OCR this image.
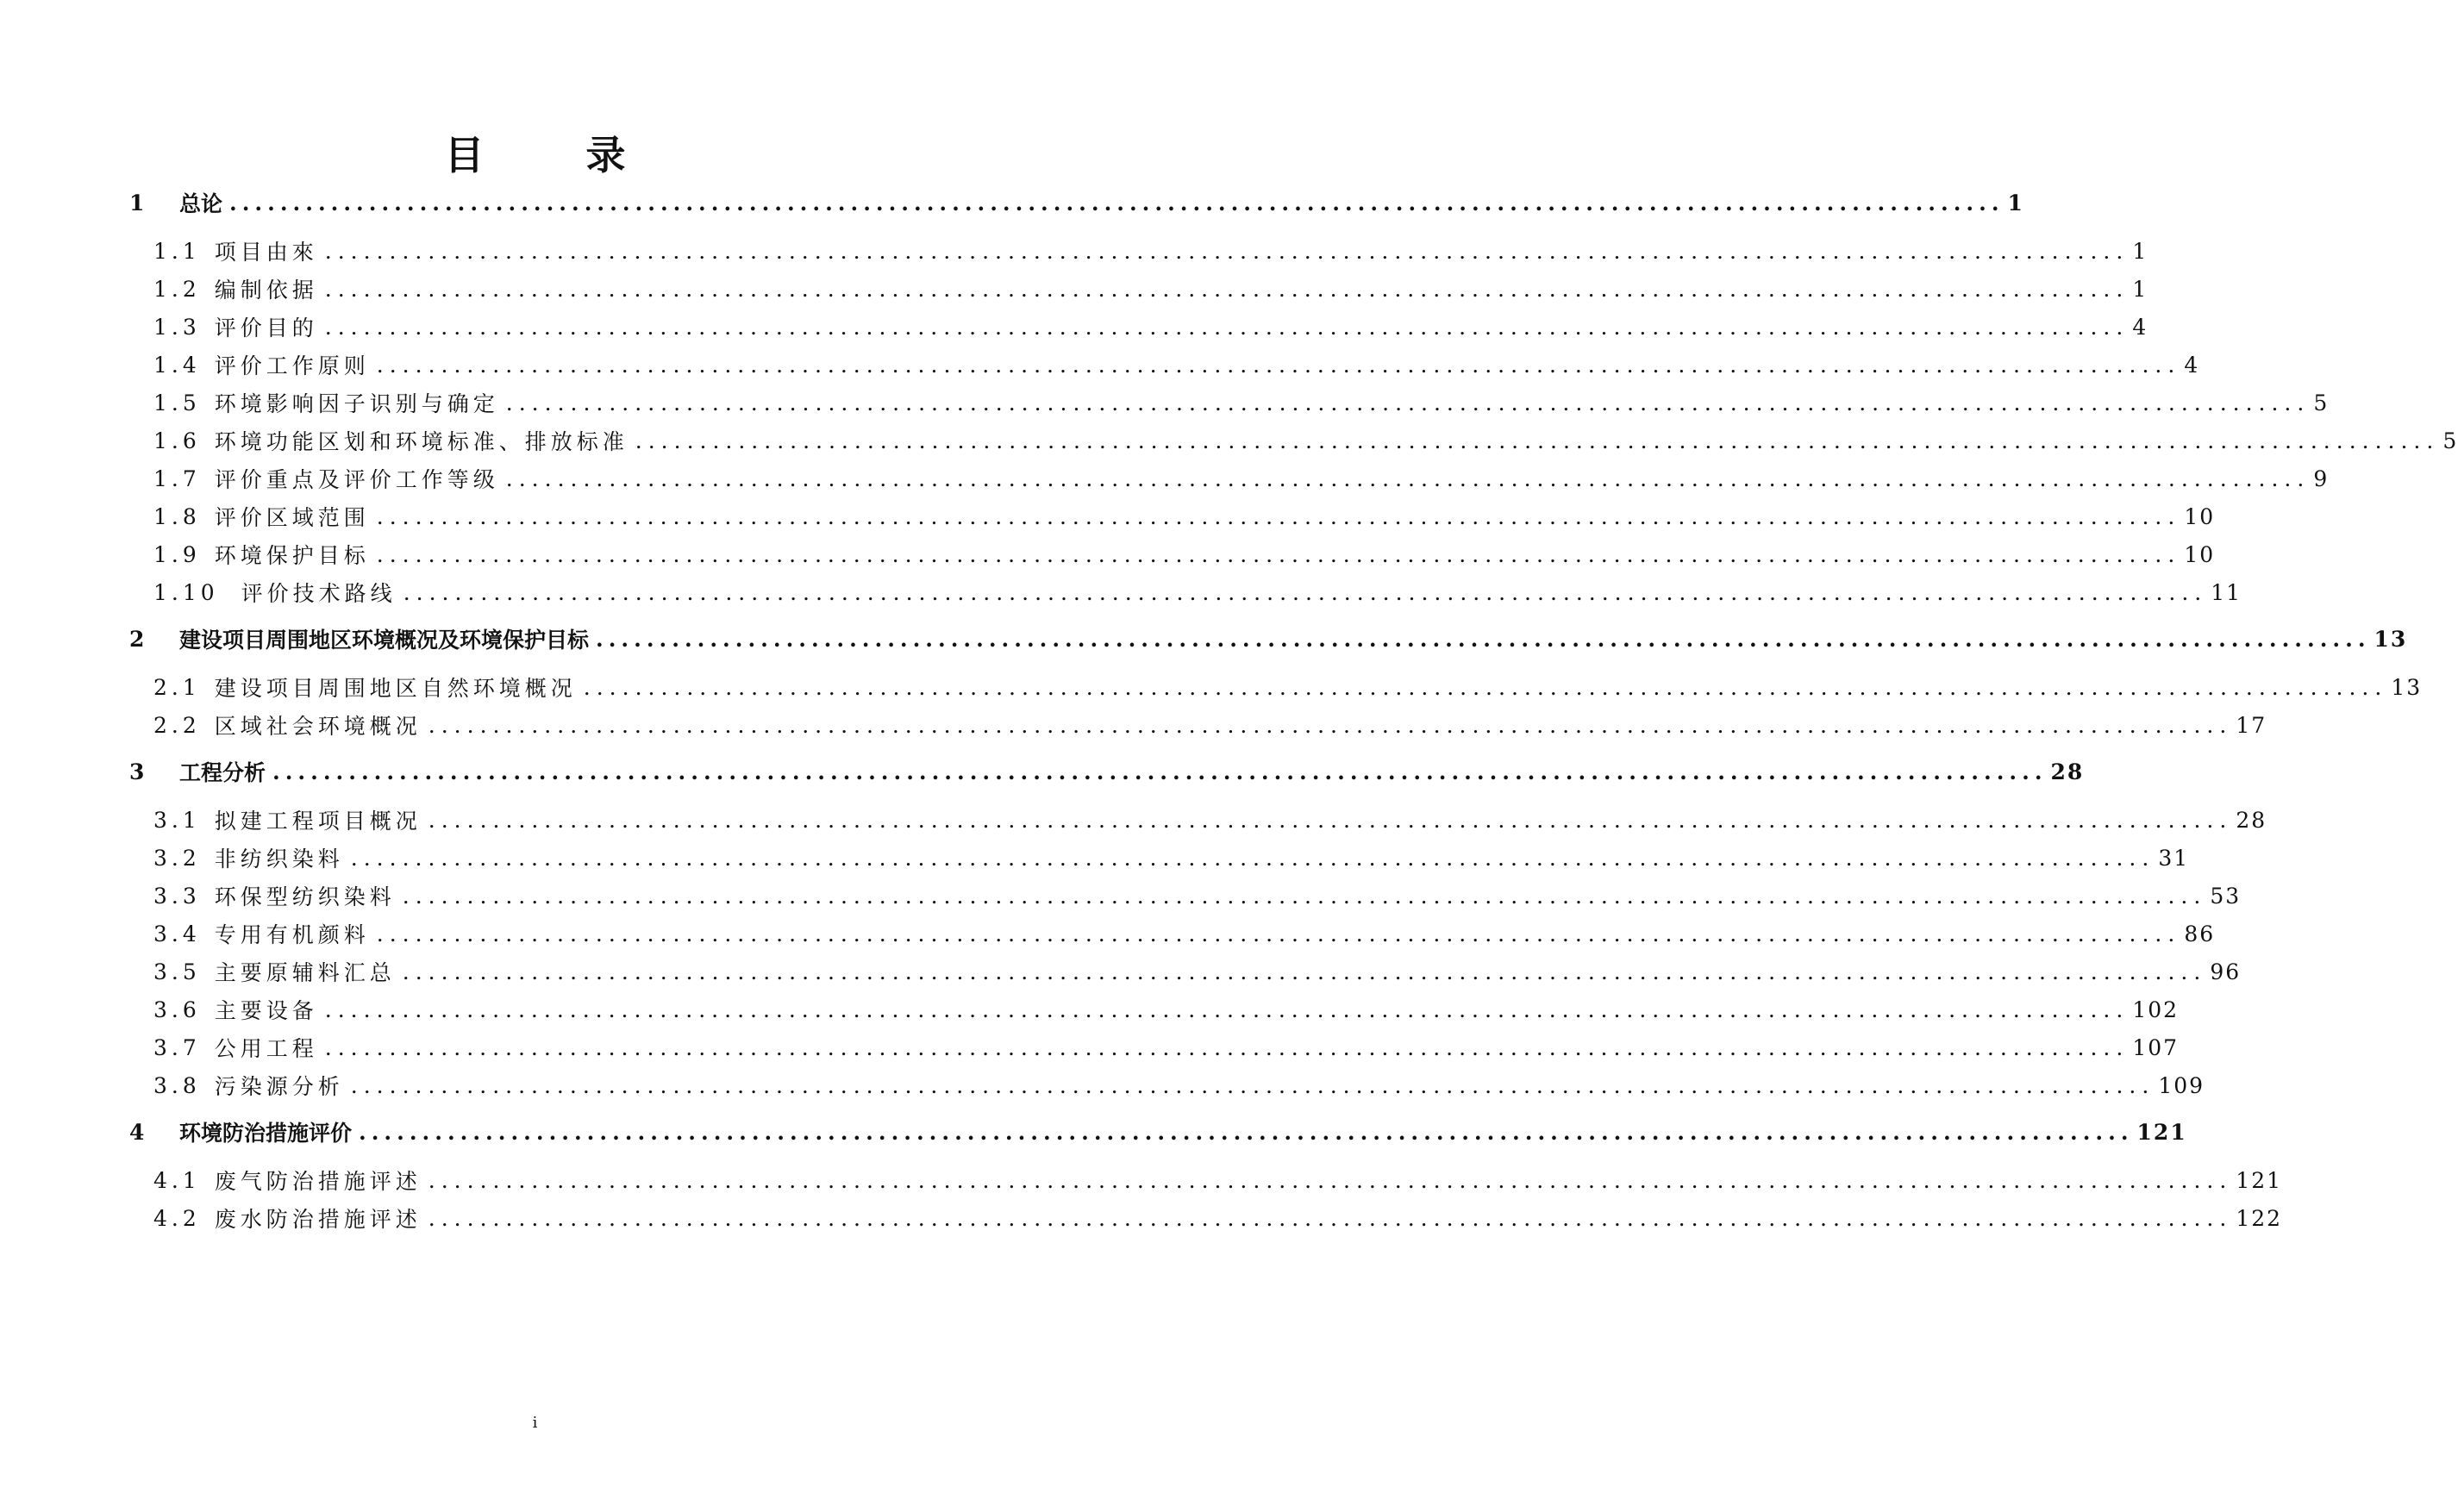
目　录
1	总论 ............................................................................................................................................ 1
1.1 项目由來 ............................................................................................................................................ 1
1.2 编制依据 ............................................................................................................................................ 1
1.3 评价目的 ............................................................................................................................................ 4
1.4 评价工作原则 ............................................................................................................................................ 4
1.5 环境影响因子识别与确定 ............................................................................................................................................ 5
1.6 环境功能区划和环境标准、排放标准 ............................................................................................................................................ 5
1.7 评价重点及评价工作等级 ............................................................................................................................................ 9
1.8 评价区域范围 ............................................................................................................................................ 10
1.9 环境保护目标 ............................................................................................................................................ 10
1.10 评价技术路线 ............................................................................................................................................ 11
2	建设项目周围地区环境概况及环境保护目标 ............................................................................................................................................ 13
2.1 建设项目周围地区自然环境概况 ............................................................................................................................................ 13
2.2 区域社会环境概况 ............................................................................................................................................ 17
3	工程分析 ............................................................................................................................................ 28
3.1 拟建工程项目概况 ............................................................................................................................................ 28
3.2 非纺织染料 ............................................................................................................................................ 31
3.3 环保型纺织染料 ............................................................................................................................................ 53
3.4 专用有机颜料 ............................................................................................................................................ 86
3.5 主要原辅料汇总 ............................................................................................................................................ 96
3.6 主要设备 ............................................................................................................................................ 102
3.7 公用工程 ............................................................................................................................................ 107
3.8 污染源分析 ............................................................................................................................................ 109
4	环境防治措施评价 ............................................................................................................................................ 121
4.1 废气防治措施评述 ............................................................................................................................................ 121
4.2 废水防治措施评述 ............................................................................................................................................ 122
i
